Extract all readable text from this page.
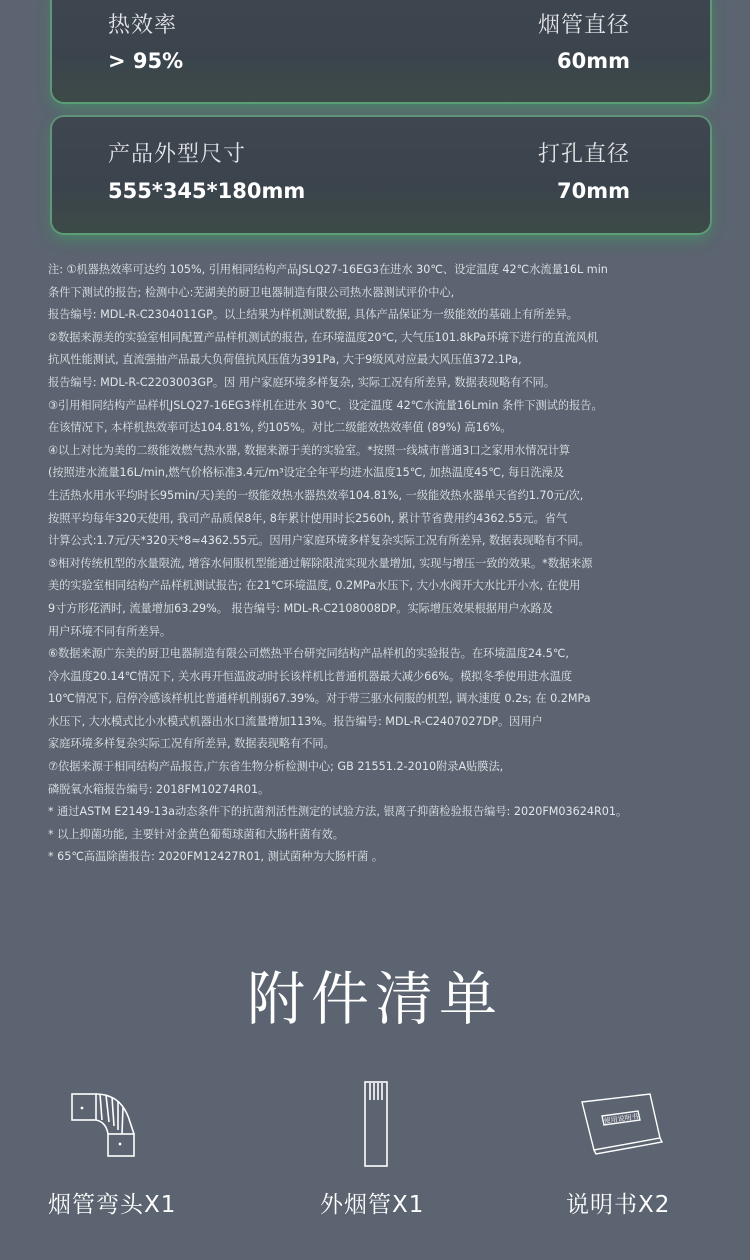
热效率
> 95%
烟管直径
60mm
产品外型尺寸
555*345*180mm
打孔直径
70mm
注: ①机器热效率可达约 105%, 引用相同结构产品JSLQ27-16EG3在进水 30℃、设定温度 42℃水流量16L min
条件下测试的报告; 检测中心:芜湖美的厨卫电器制造有限公司热水器测试评价中心,
报告编号: MDL-R-C2304011GP。以上结果为样机测试数据, 具体产品保证为一级能效的基础上有所差异。
②数据来源美的实验室相同配置产品样机测试的报告, 在环境温度20℃, 大气压101.8kPa环境下进行的直流风机
抗风性能测试, 直流强抽产品最大负荷值抗风压值为391Pa, 大于9级风对应最大风压值372.1Pa,
报告编号: MDL-R-C2203003GP。因 用户家庭环境多样复杂, 实际工况有所差异, 数据表现略有不同。
③引用相同结构产品样机JSLQ27-16EG3样机在进水 30℃、设定温度 42℃水流量16Lmin 条件下测试的报告。
在该情况下, 本样机热效率可达104.81%, 约105%。对比二级能效热效率值 (89%) 高16%。
④以上对比为美的二级能效燃气热水器, 数据来源于美的实验室。*按照一线城市普通3口之家用水情况计算
(按照进水流量16L/min,燃气价格标准3.4元/m³设定全年平均进水温度15℃, 加热温度45℃, 每日洗澡及
生活热水用水平均时长95min/天)美的一级能效热水器热效率104.81%, 一级能效热水器单天省约1.70元/次,
按照平均每年320天使用, 我司产品质保8年, 8年累计使用时长2560h, 累计节省费用约4362.55元。省气
计算公式:1.7元/天*320天*8≈4362.55元。因用户家庭环境多样复杂实际工况有所差异, 数据表现略有不同。
⑤相对传统机型的水量限流, 增容水伺服机型能通过解除限流实现水量增加, 实现与增压一致的效果。*数据来源
美的实验室相同结构产品样机测试报告; 在21℃环境温度, 0.2MPa水压下, 大小水阀开大水比开小水, 在使用
9寸方形花洒时, 流量增加63.29%。 报告编号: MDL-R-C2108008DP。实际增压效果根据用户水路及
用户环境不同有所差异。
⑥数据来源广东美的厨卫电器制造有限公司燃热平台研究同结构产品样机的实验报告。在环境温度24.5℃,
冷水温度20.14℃情况下, 关水再开恒温波动时长该样机比普通机器最大减少66%。模拟冬季使用进水温度
10℃情况下, 启停冷感该样机比普通样机削弱67.39%。对于带三驱水伺服的机型, 调水速度 0.2s; 在 0.2MPa
水压下, 大水模式比小水模式机器出水口流量增加113%。报告编号: MDL-R-C2407027DP。因用户
家庭环境多样复杂实际工况有所差异, 数据表现略有不同。
⑦依据来源于相同结构产品报告,广东省生物分析检测中心; GB 21551.2-2010附录A贴膜法,
磷脱氧水箱报告编号: 2018FM10274R01。
* 通过ASTM E2149-13a动态条件下的抗菌剂活性测定的试验方法, 银离子抑菌检验报告编号: 2020FM03624R01。
* 以上抑菌功能, 主要针对金黄色葡萄球菌和大肠杆菌有效。
* 65℃高温除菌报告: 2020FM12427R01, 测试菌种为大肠杆菌 。
附件清单
烟管弯头X1	外烟管X1
使用说明书
说明书X2
